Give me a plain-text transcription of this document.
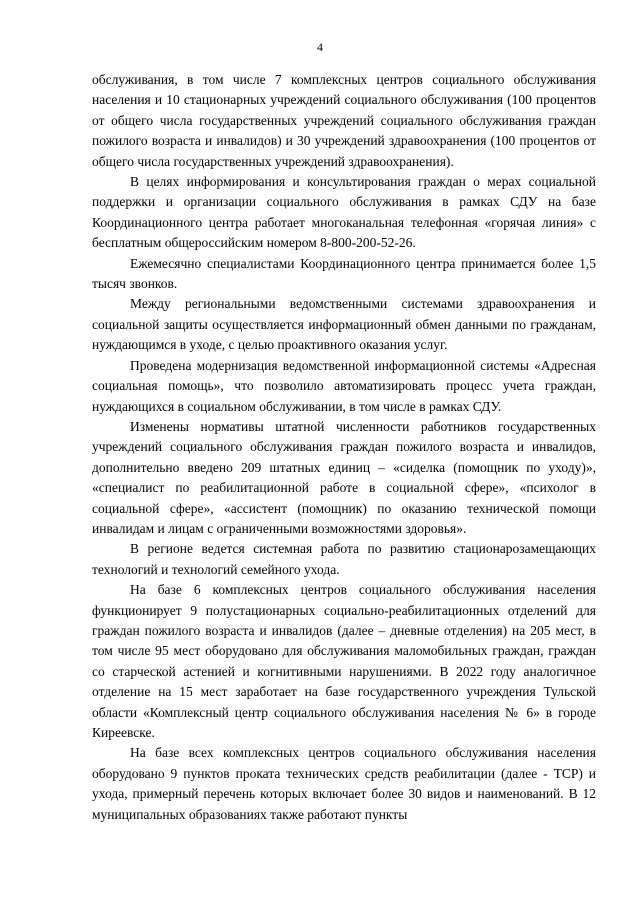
4

обслуживания, в том числе 7 комплексных центров социального обслуживания населения и 10 стационарных учреждений социального обслуживания (100 процентов от общего числа государственных учреждений социального обслуживания граждан пожилого возраста и инвалидов) и 30 учреждений здравоохранения (100 процентов от общего числа государственных учреждений здравоохранения).

В целях информирования и консультирования граждан о мерах социальной поддержки и организации социального обслуживания в рамках СДУ на базе Координационного центра работает многоканальная телефонная «горячая линия» с бесплатным общероссийским номером 8-800-200-52-26.

Ежемесячно специалистами Координационного центра принимается более 1,5 тысяч звонков.

Между региональными ведомственными системами здравоохранения и социальной защиты осуществляется информационный обмен данными по гражданам, нуждающимся в уходе, с целью проактивного оказания услуг.

Проведена модернизация ведомственной информационной системы «Адресная социальная помощь», что позволило автоматизировать процесс учета граждан, нуждающихся в социальном обслуживании, в том числе в рамках СДУ.

Изменены нормативы штатной численности работников государственных учреждений социального обслуживания граждан пожилого возраста и инвалидов, дополнительно введено 209 штатных единиц – «сиделка (помощник по уходу)», «специалист по реабилитационной работе в социальной сфере», «психолог в социальной сфере», «ассистент (помощник) по оказанию технической помощи инвалидам и лицам с ограниченными возможностями здоровья».

В регионе ведется системная работа по развитию стационарозамещающих технологий и технологий семейного ухода.

На базе 6 комплексных центров социального обслуживания населения функционирует 9 полустационарных социально-реабилитационных отделений для граждан пожилого возраста и инвалидов (далее – дневные отделения) на 205 мест, в том числе 95 мест оборудовано для обслуживания маломобильных граждан, граждан со старческой астенией и когнитивными нарушениями. В 2022 году аналогичное отделение на 15 мест заработает на базе государственного учреждения Тульской области «Комплексный центр социального обслуживания населения № 6» в городе Киреевске.

На базе всех комплексных центров социального обслуживания населения оборудовано 9 пунктов проката технических средств реабилитации (далее - ТСР) и ухода, примерный перечень которых включает более 30 видов и наименований. В 12 муниципальных образованиях также работают пункты
